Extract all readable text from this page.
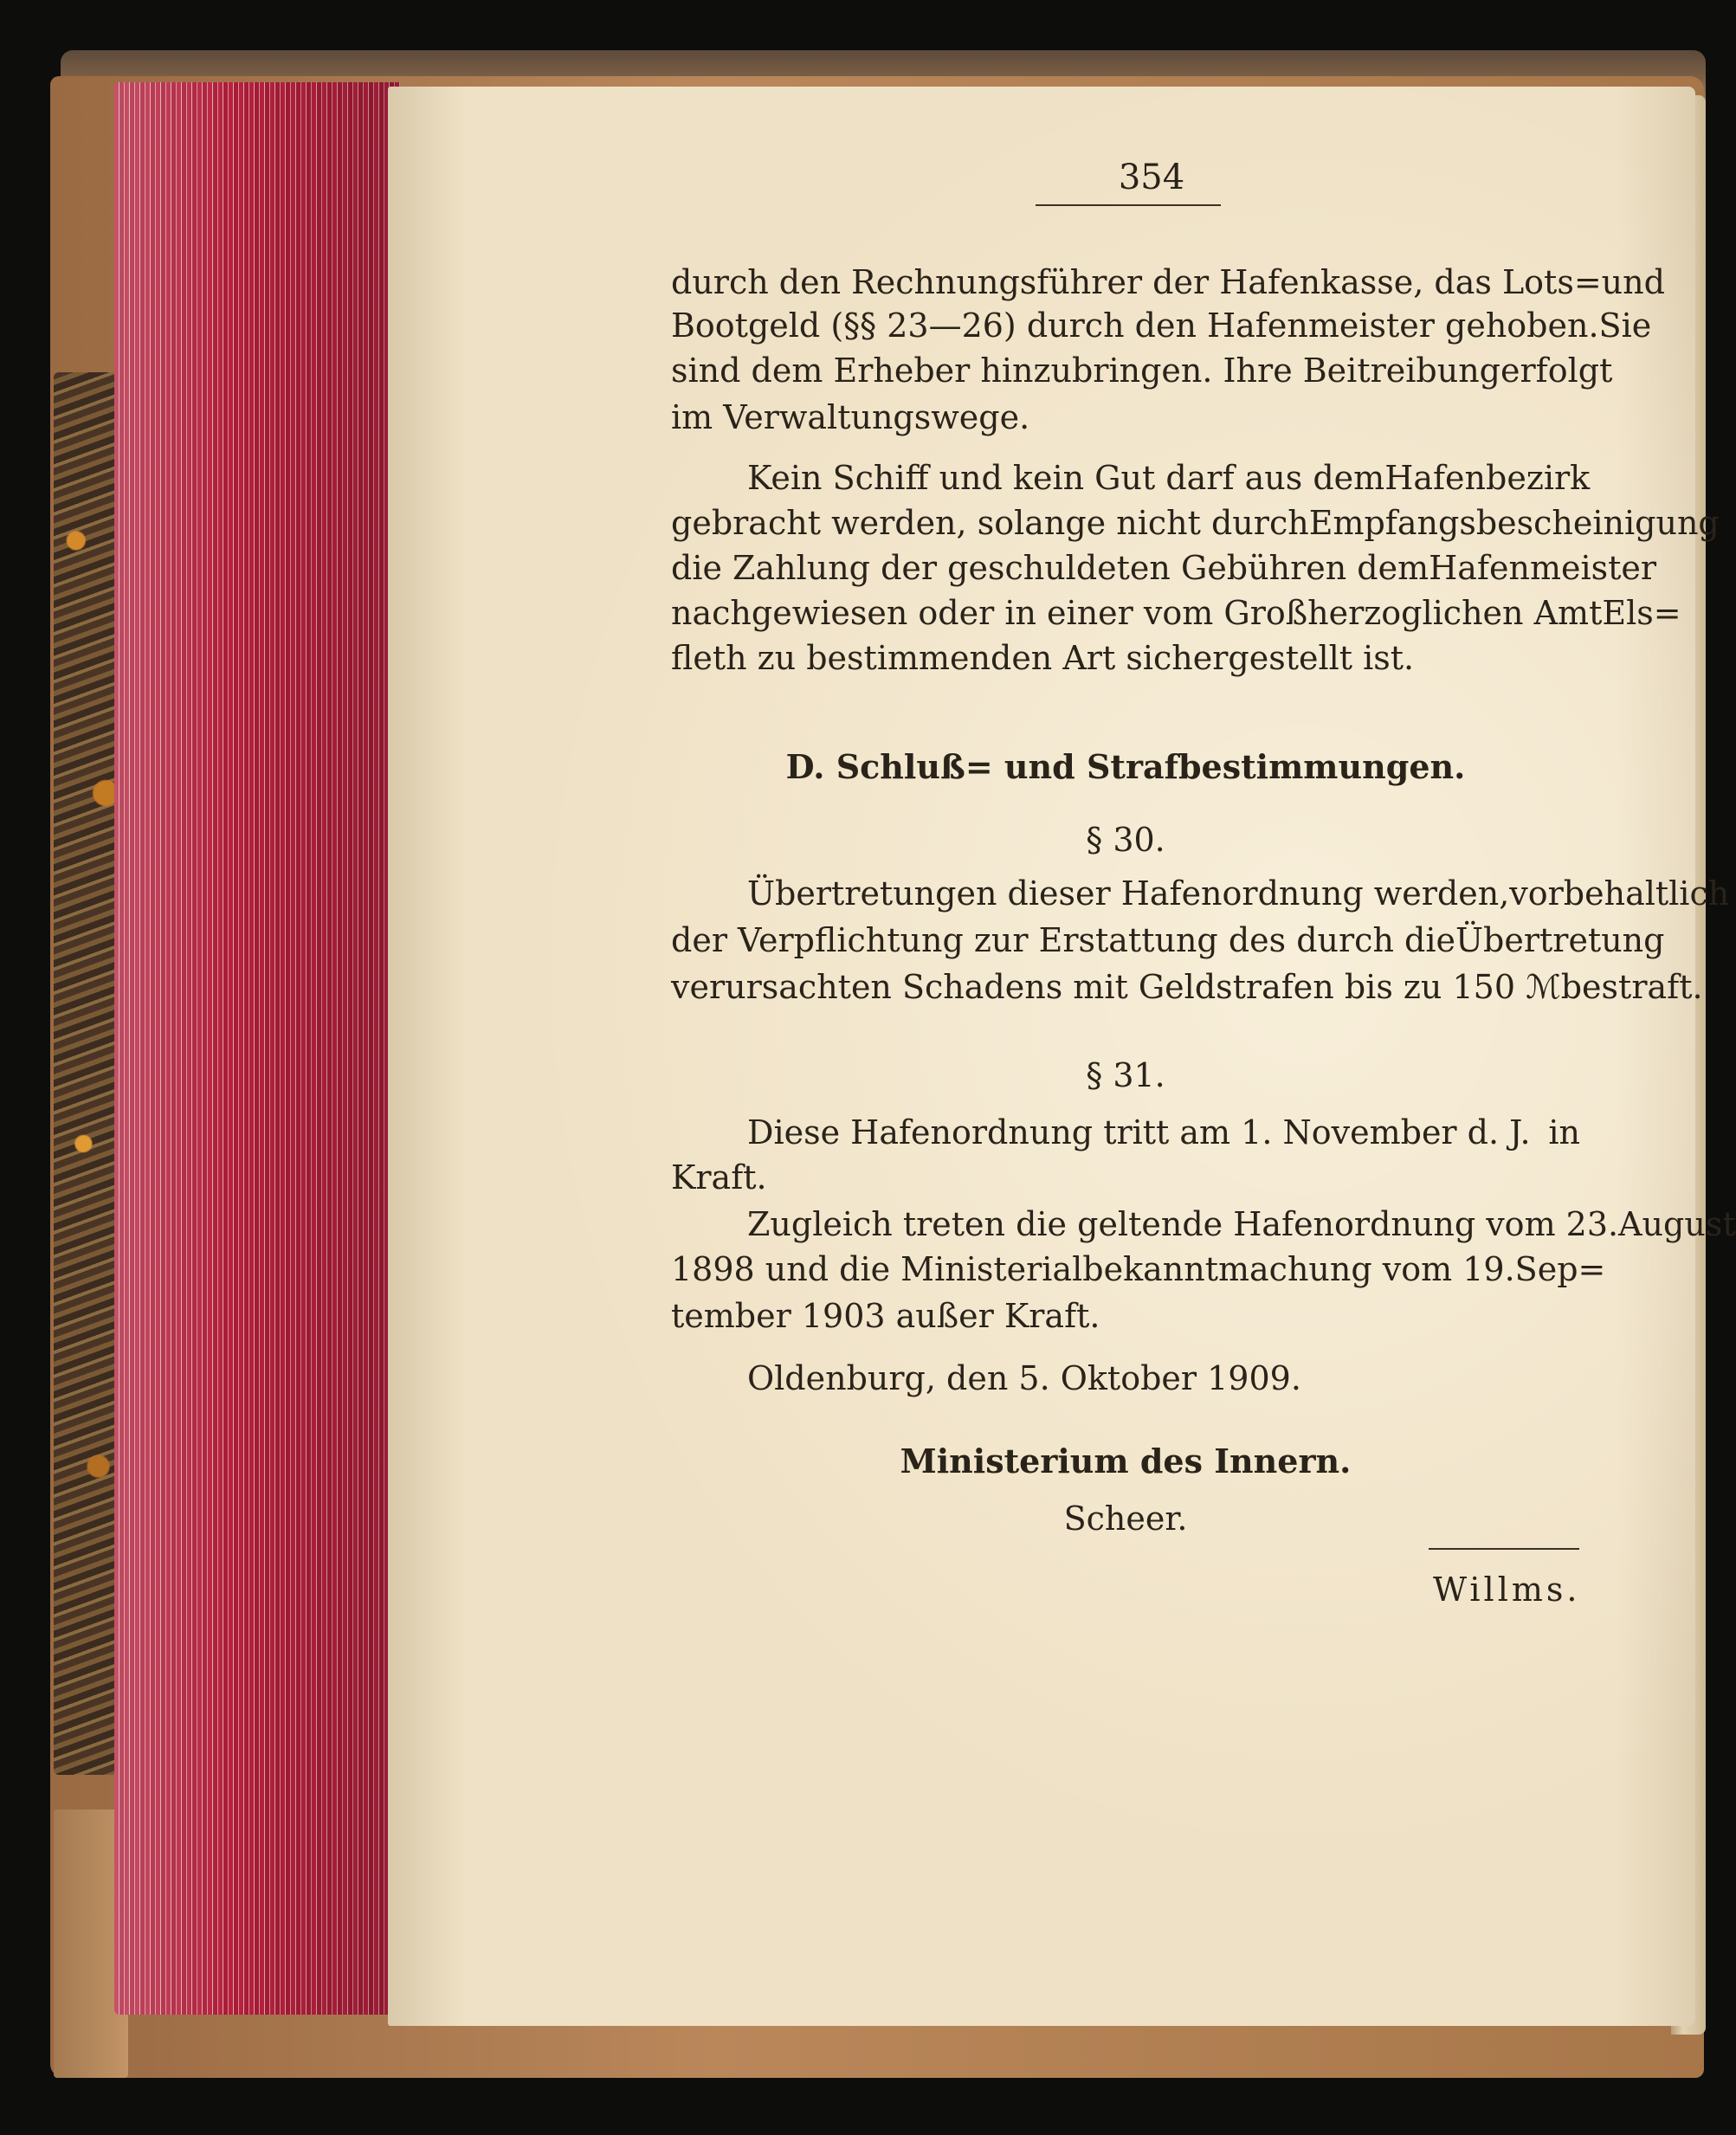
354
durch den Rechnungsführer der Hafenkasse, das Lots= und
Bootgeld (§§ 23—26) durch den Hafenmeister gehoben. Sie
sind dem Erheber hinzubringen. Ihre Beitreibung erfolgt
im Verwaltungswege.
Kein Schiff und kein Gut darf aus dem Hafenbezirk
gebracht werden, solange nicht durch Empfangsbescheinigung
die Zahlung der geschuldeten Gebühren dem Hafenmeister
nachgewiesen oder in einer vom Großherzoglichen Amt Els=
fleth zu bestimmenden Art sichergestellt ist.
D. Schluß= und Strafbestimmungen.
§ 30.
Übertretungen dieser Hafenordnung werden, vorbehaltlich
der Verpflichtung zur Erstattung des durch die Übertretung
verursachten Schadens mit Geldstrafen bis zu 150 ℳ bestraft.
§ 31.
Diese Hafenordnung tritt am 1. November d. J. in
Kraft.
Zugleich treten die geltende Hafenordnung vom 23. August
1898 und die Ministerialbekanntmachung vom 19. Sep=
tember 1903 außer Kraft.
Oldenburg, den 5. Oktober 1909.
Ministerium des Innern.
Scheer.
Willms.
